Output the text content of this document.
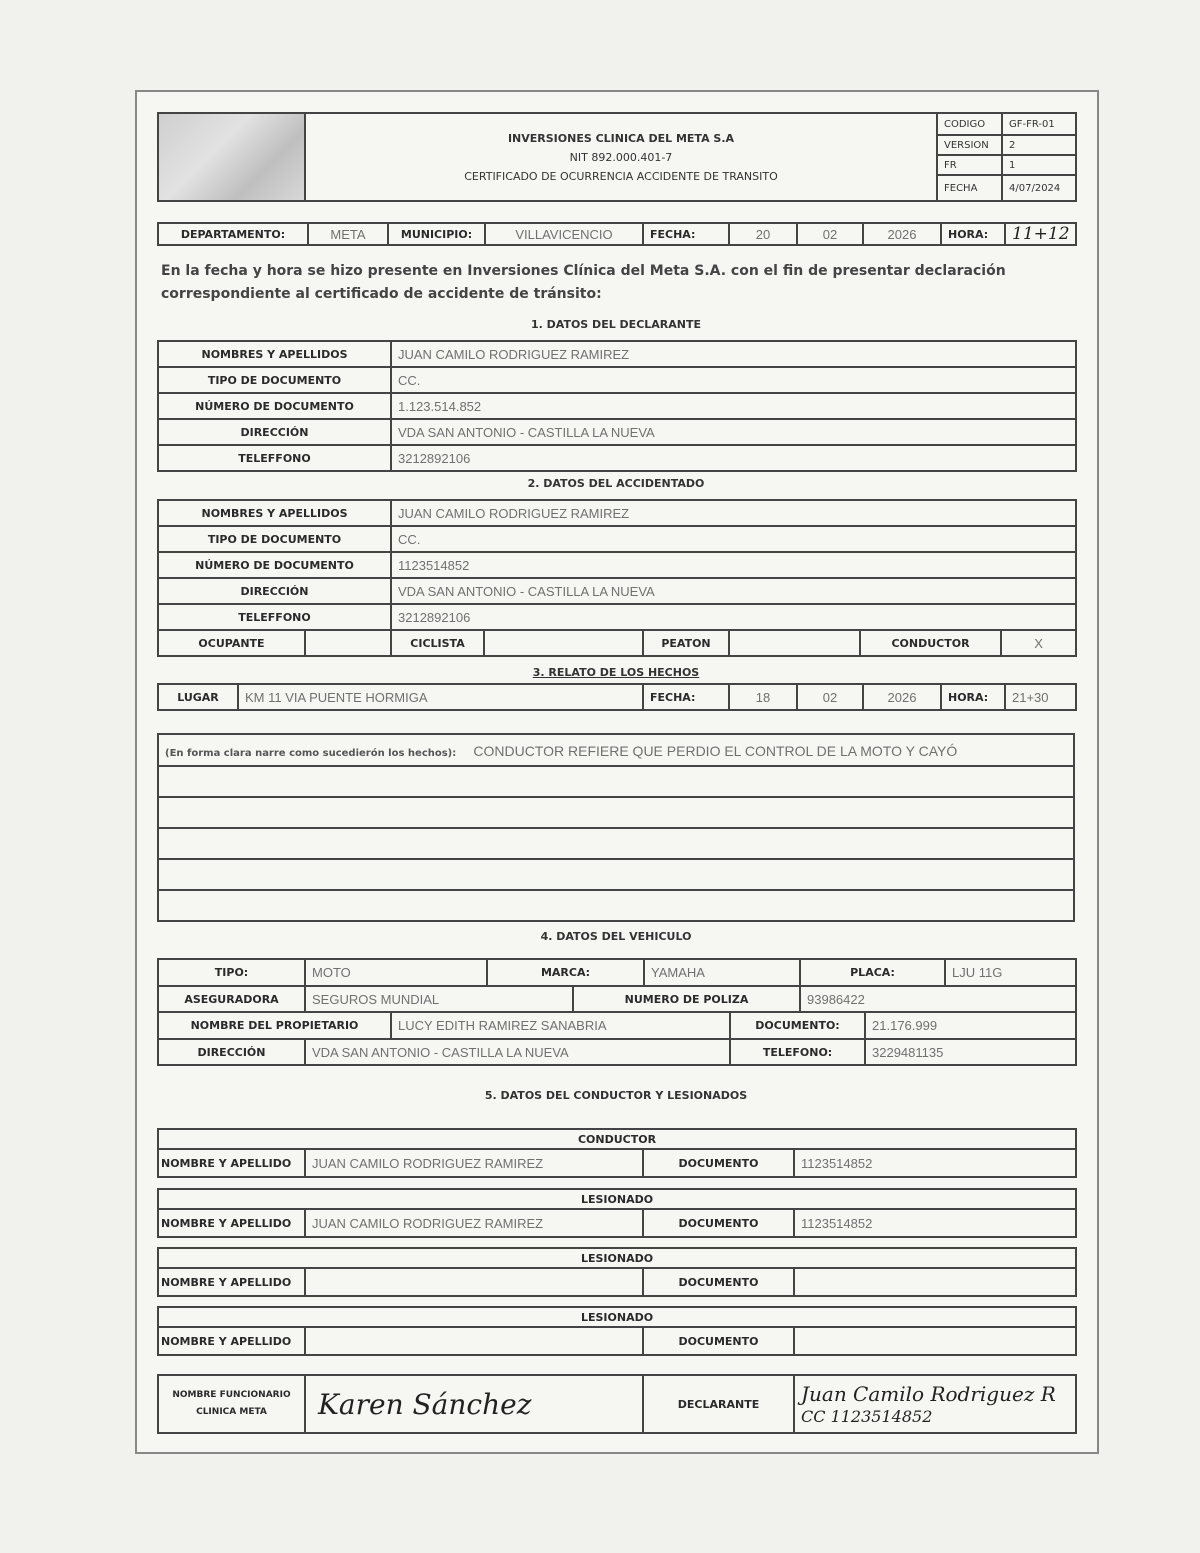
	INVERSIONES CLINICA DEL META S.A
NIT 892.000.401-7
CERTIFICADO DE OCURRENCIA ACCIDENTE DE TRANSITO	CODIGO	GF-FR-01
		VERSION	2
		FR	1
		FECHA	4/07/2024
DEPARTAMENTO:	META	MUNICIPIO:	VILLAVICENCIO	FECHA:	20	02	2026	HORA:	11+12
En la fecha y hora se hizo presente en Inversiones Clínica del Meta S.A. con el fin de presentar declaración correspondiente al certificado de accidente de tránsito:
1. DATOS DEL DECLARANTE
NOMBRES Y APELLIDOS	JUAN CAMILO RODRIGUEZ RAMIREZ
TIPO DE DOCUMENTO	CC.
NÚMERO DE DOCUMENTO	1.123.514.852
DIRECCIÓN	VDA SAN ANTONIO - CASTILLA LA NUEVA
TELEFFONO	3212892106
2. DATOS DEL ACCIDENTADO
NOMBRES Y APELLIDOS		JUAN CAMILO RODRIGUEZ RAMIREZ					
TIPO DE DOCUMENTO		CC.					
NÚMERO DE DOCUMENTO		1123514852					
DIRECCIÓN		VDA SAN ANTONIO - CASTILLA LA NUEVA					
TELEFFONO		3212892106					
OCUPANTE		CICLISTA		PEATON		CONDUCTOR	X
3. RELATO DE LOS HECHOS
LUGAR	KM 11 VIA PUENTE HORMIGA	FECHA:	18	02	2026	HORA:	21+30
(En forma clara narre como sucedierón los hechos): CONDUCTOR REFIERE QUE PERDIO EL CONTROL DE LA MOTO Y CAYÓ

4. DATOS DEL VEHICULO
TIPO:	MOTO		MARCA:		YAMAHA		PLACA:		LJU 11G
ASEGURADORA	SEGUROS MUNDIAL			NUMERO DE POLIZA			93986422		
NOMBRE DEL PROPIETARIO		LUCY EDITH RAMIREZ SANABRIA				DOCUMENTO:		21.176.999	
DIRECCIÓN	VDA SAN ANTONIO - CASTILLA LA NUEVA					TELEFONO:		3229481135	
5. DATOS DEL CONDUCTOR Y LESIONADOS
CONDUCTOR
NOMBRE Y APELLIDO	JUAN CAMILO RODRIGUEZ RAMIREZ	DOCUMENTO	1123514852
LESIONADO
NOMBRE Y APELLIDO	JUAN CAMILO RODRIGUEZ RAMIREZ	DOCUMENTO	1123514852
LESIONADO
NOMBRE Y APELLIDO		DOCUMENTO	
LESIONADO
NOMBRE Y APELLIDO		DOCUMENTO	
NOMBRE FUNCIONARIO
CLINICA META	Karen Sánchez	DECLARANTE	Juan Camilo Rodriguez R
CC 1123514852
